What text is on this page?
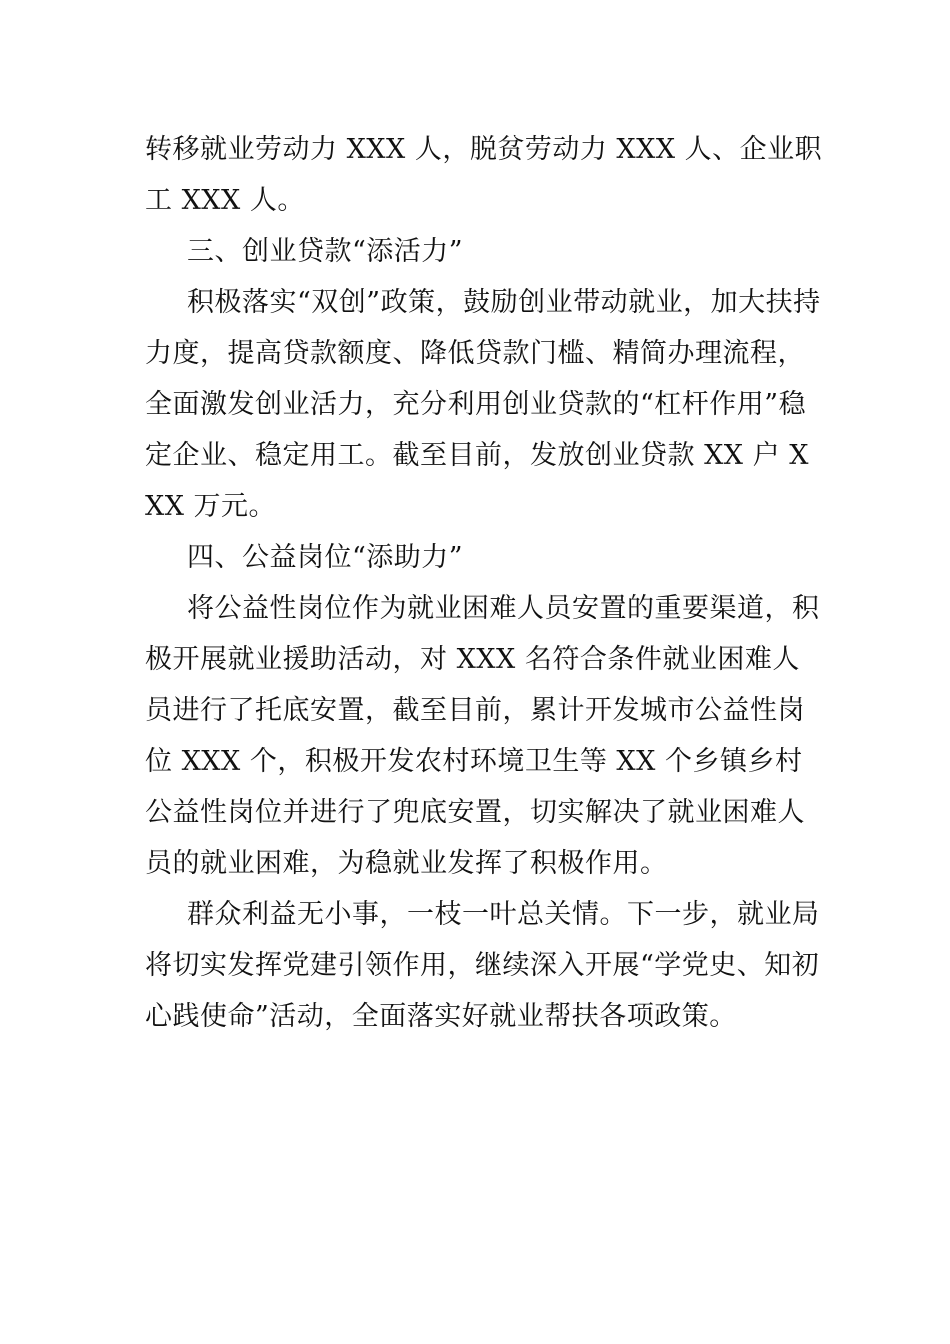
转移就业劳动力 XXX 人，脱贫劳动力 XXX 人、企业职工 XXX 人。

三、创业贷款“添活力”

积极落实“双创”政策，鼓励创业带动就业，加大扶持力度，提高贷款额度、降低贷款门槛、精简办理流程，全面激发创业活力，充分利用创业贷款的“杠杆作用”稳定企业、稳定用工。截至目前，发放创业贷款 XX 户 XXX 万元。

四、公益岗位“添助力”

将公益性岗位作为就业困难人员安置的重要渠道，积极开展就业援助活动，对 XXX 名符合条件就业困难人员进行了托底安置，截至目前，累计开发城市公益性岗位 XXX 个，积极开发农村环境卫生等 XX 个乡镇乡村公益性岗位并进行了兜底安置，切实解决了就业困难人员的就业困难，为稳就业发挥了积极作用。

群众利益无小事，一枝一叶总关情。下一步，就业局将切实发挥党建引领作用，继续深入开展“学党史、知初心践使命”活动，全面落实好就业帮扶各项政策。
